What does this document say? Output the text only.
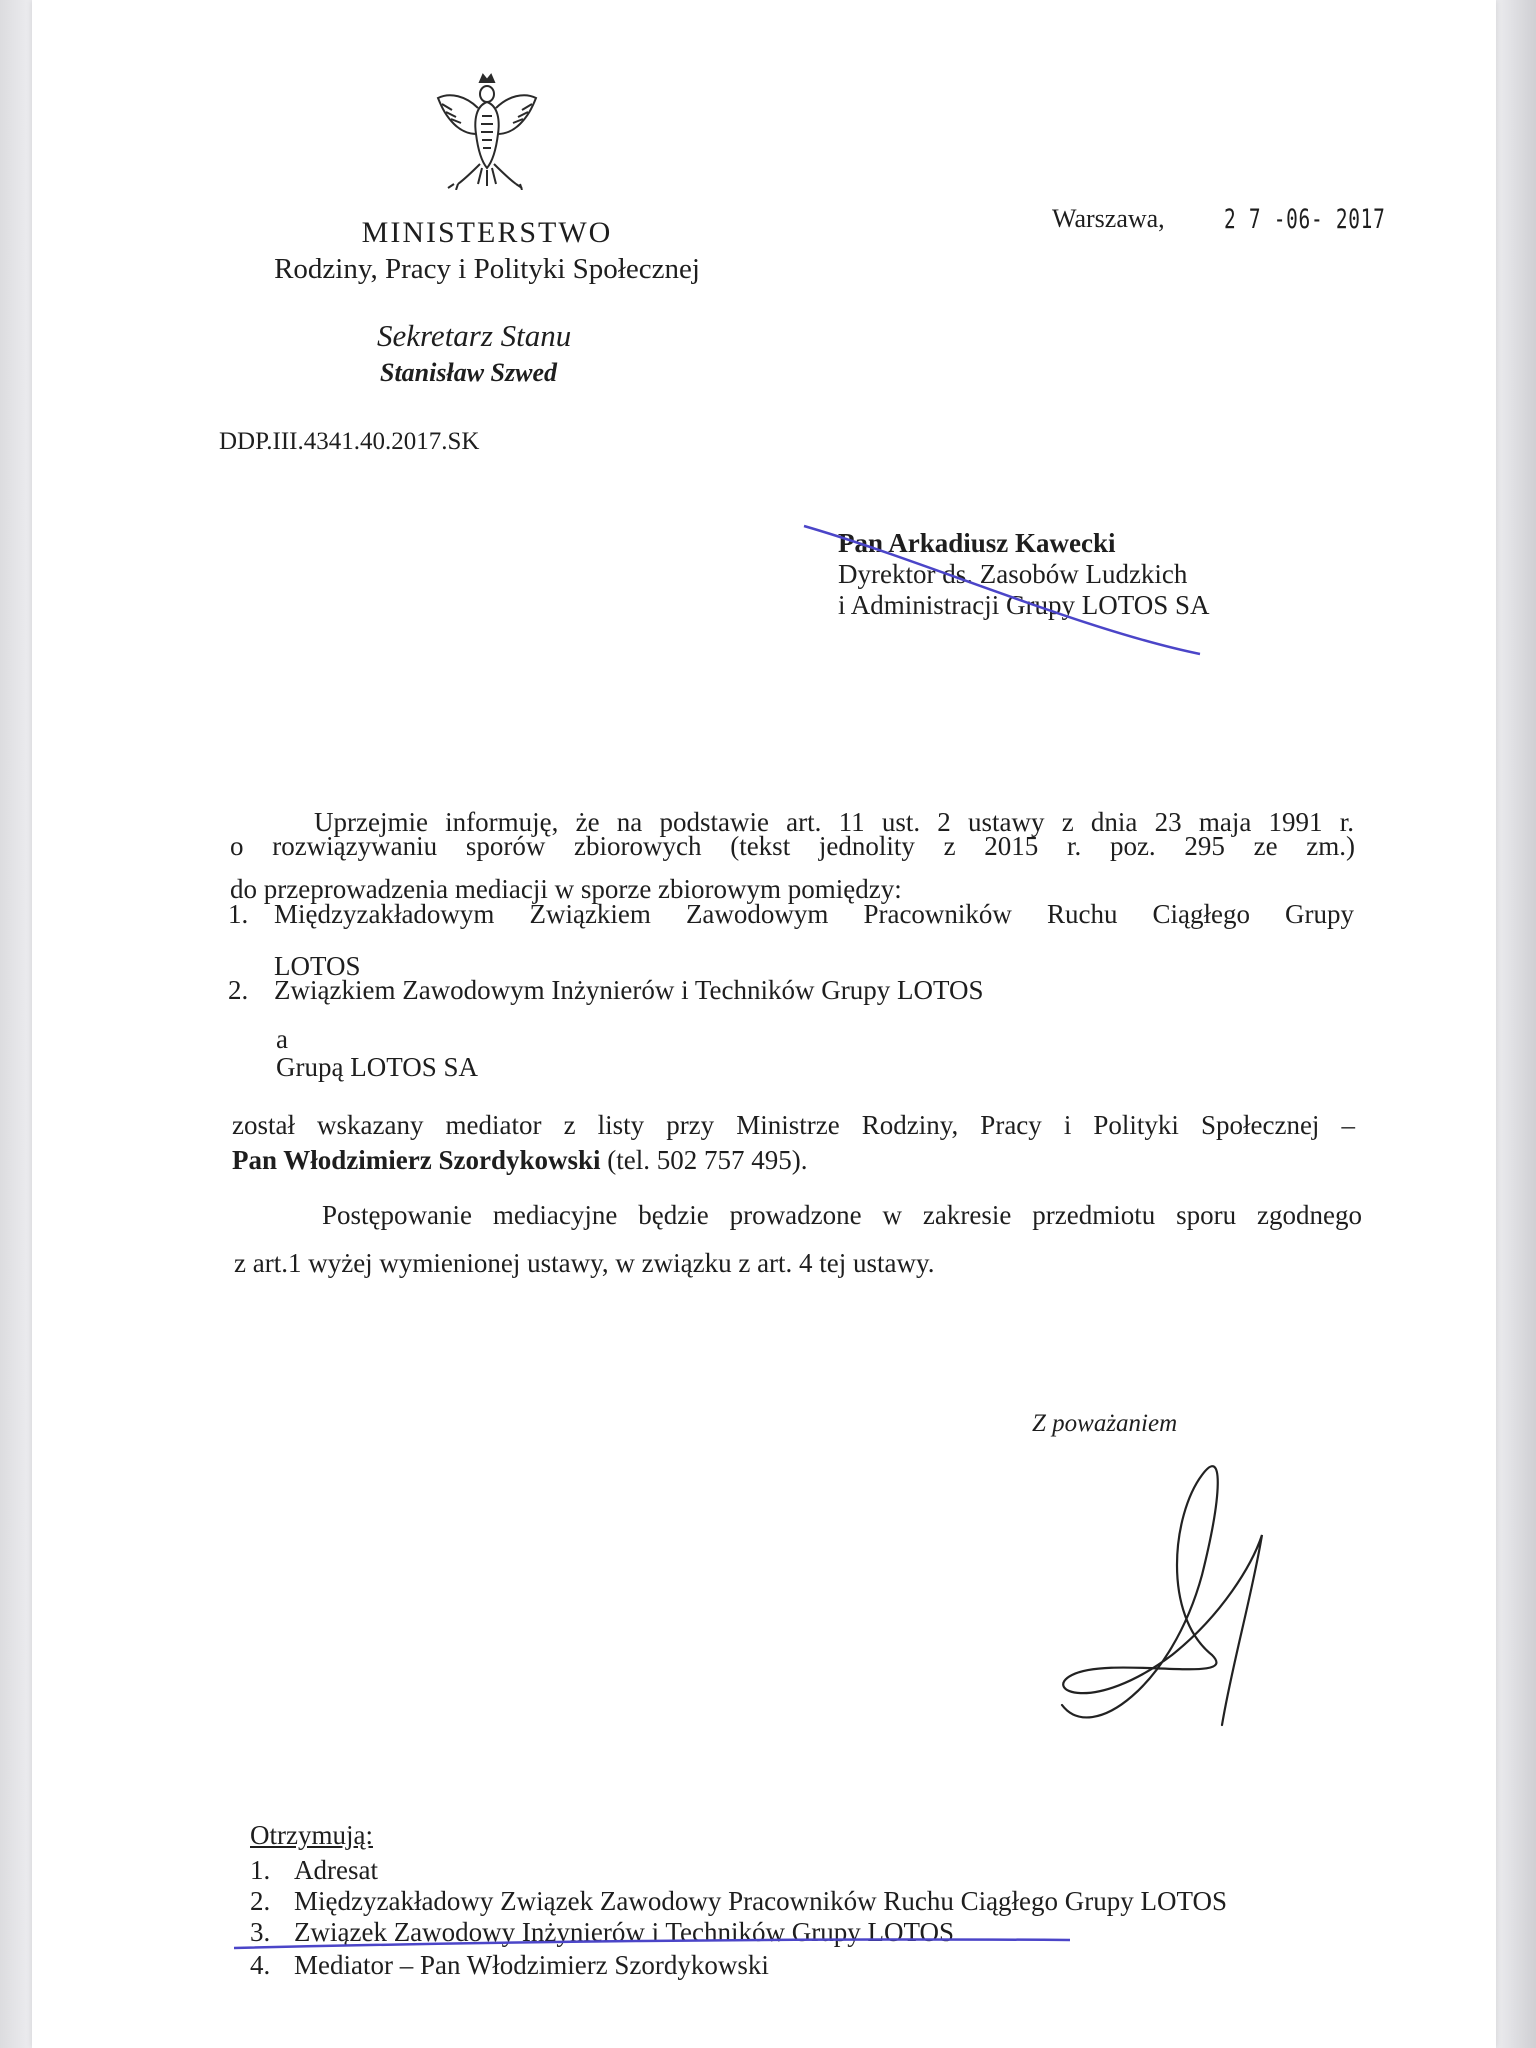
MINISTERSTWO
Rodziny, Pracy i Polityki Społecznej
Sekretarz Stanu
Stanisław Szwed
DDP.III.4341.40.2017.SK
Warszawa, 2 7 -06- 2017
Pan Arkadiusz Kawecki
Dyrektor ds. Zasobów Ludzkich
i Administracji Grupy LOTOS SA
Uprzejmie informuję, że na podstawie art. 11 ust. 2 ustawy z dnia 23 maja 1991 r.
o rozwiązywaniu sporów zbiorowych (tekst jednolity z 2015 r. poz. 295 ze zm.)
do przeprowadzenia mediacji w sporze zbiorowym pomiędzy:
1. Międzyzakładowym Związkiem Zawodowym Pracowników Ruchu Ciągłego Grupy
LOTOS
2. Związkiem Zawodowym Inżynierów i Techników Grupy LOTOS
a
Grupą LOTOS SA
został wskazany mediator z listy przy Ministrze Rodziny, Pracy i Polityki Społecznej –
Pan Włodzimierz Szordykowski (tel. 502 757 495).
Postępowanie mediacyjne będzie prowadzone w zakresie przedmiotu sporu zgodnego
z art.1 wyżej wymienionej ustawy, w związku z art. 4 tej ustawy.
Z poważaniem
Otrzymują:
1. Adresat
2. Międzyzakładowy Związek Zawodowy Pracowników Ruchu Ciągłego Grupy LOTOS
3. Związek Zawodowy Inżynierów i Techników Grupy LOTOS
4. Mediator – Pan Włodzimierz Szordykowski
